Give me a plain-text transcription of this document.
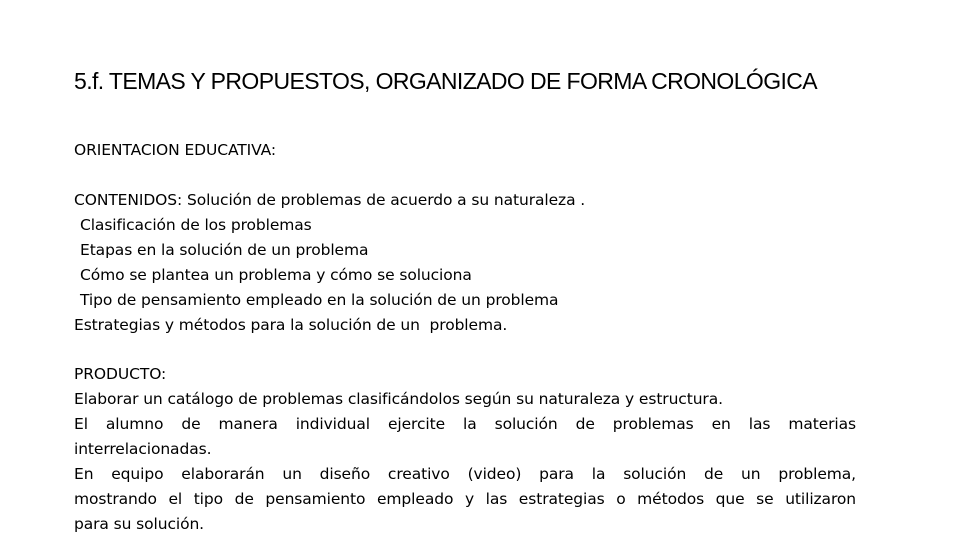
5.f. TEMAS Y PROPUESTOS, ORGANIZADO DE FORMA CRONOLÓGICA
ORIENTACION EDUCATIVA:
CONTENIDOS: Solución de problemas de acuerdo a su naturaleza .
Clasificación de los problemas
Etapas en la solución de un problema
Cómo se plantea un problema y cómo se soluciona
Tipo de pensamiento empleado en la solución de un problema
Estrategias y métodos para la solución de un  problema.
PRODUCTO:
Elaborar un catálogo de problemas clasificándolos según su naturaleza y estructura.
El alumno de manera individual ejercite la solución de problemas en las materias
interrelacionadas.
En equipo elaborarán un diseño creativo (video) para la solución de un problema,
mostrando el tipo de pensamiento empleado y las estrategias o métodos que se utilizaron
para su solución.
